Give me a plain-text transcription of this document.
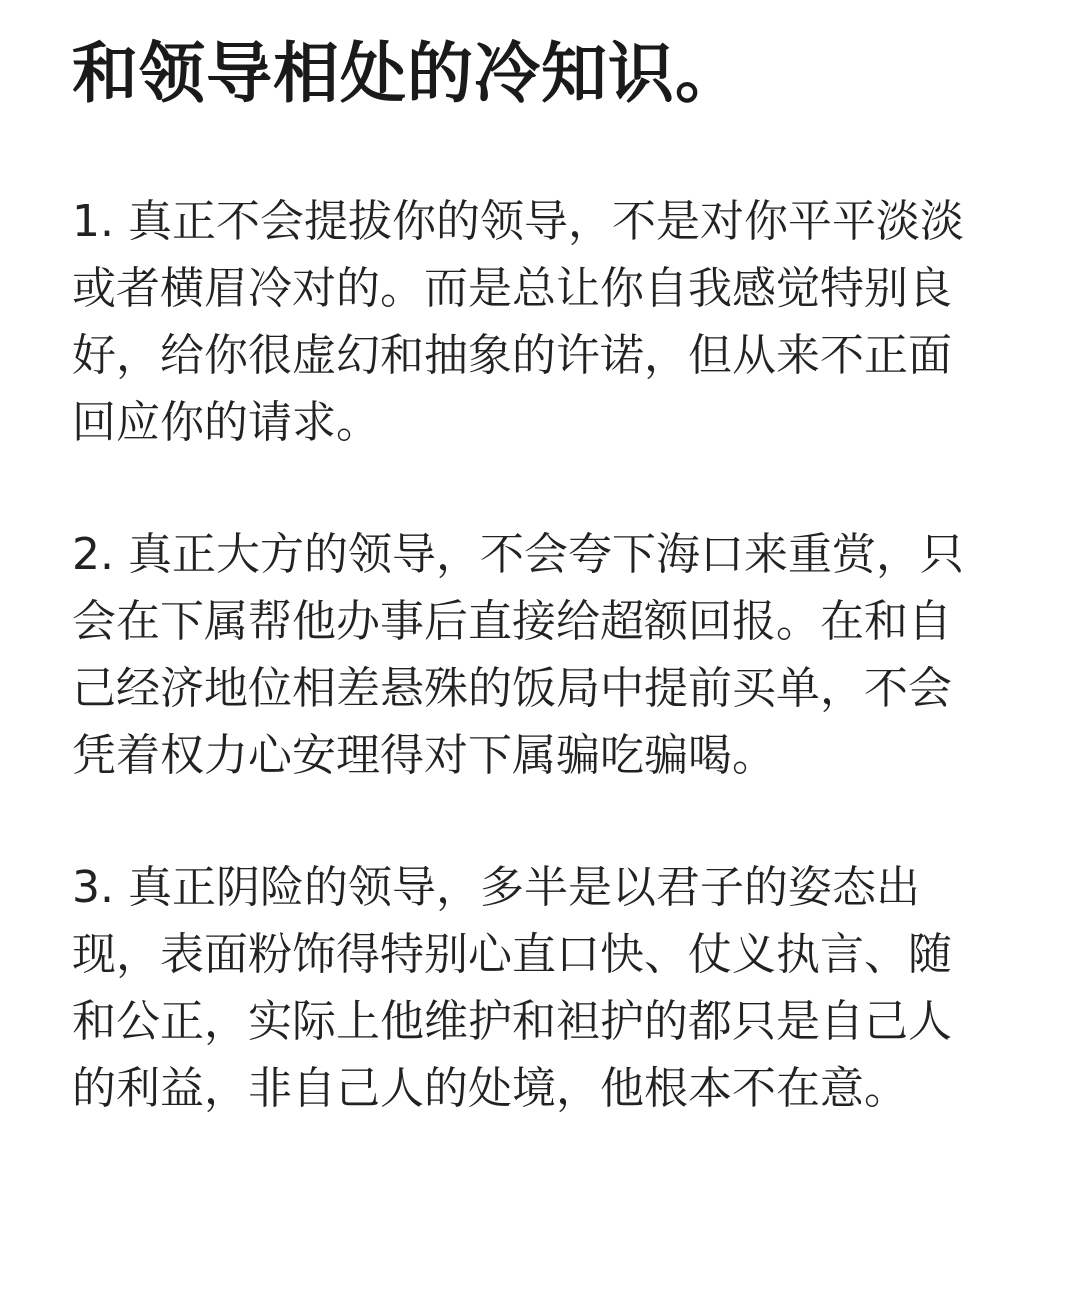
和领导相处的冷知识。

1. 真正不会提拔你的领导，不是对你平平淡淡或者横眉冷对的。而是总让你自我感觉特别良好，给你很虚幻和抽象的许诺，但从来不正面回应你的请求。

2. 真正大方的领导，不会夸下海口来重赏，只会在下属帮他办事后直接给超额回报。在和自己经济地位相差悬殊的饭局中提前买单，不会凭着权力心安理得对下属骗吃骗喝。

3. 真正阴险的领导，多半是以君子的姿态出现，表面粉饰得特别心直口快、仗义执言、随和公正，实际上他维护和袒护的都只是自己人的利益，非自己人的处境，他根本不在意。
